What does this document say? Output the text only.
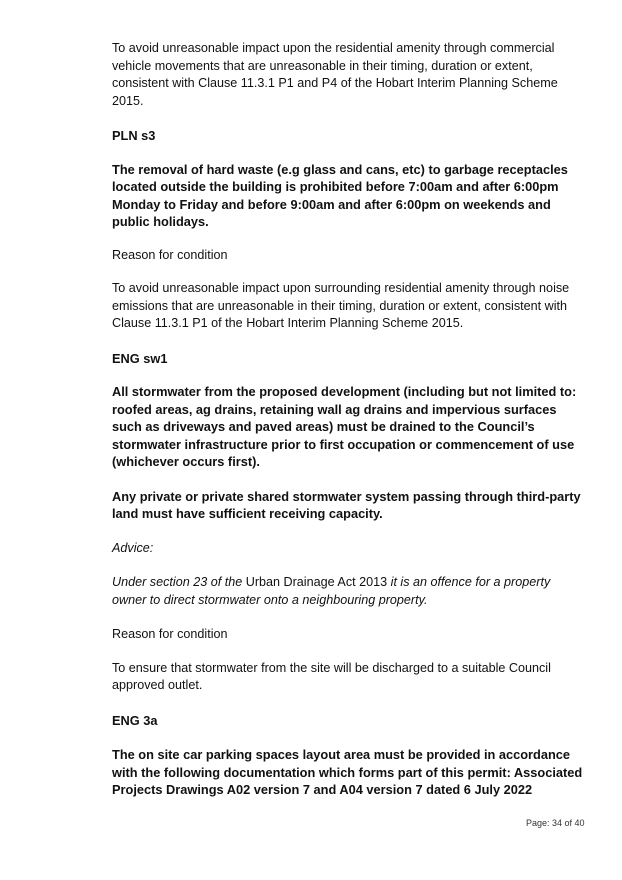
To avoid unreasonable impact upon the residential amenity through commercial vehicle movements that are unreasonable in their timing, duration or extent, consistent with Clause 11.3.1 P1 and P4 of the Hobart Interim Planning Scheme 2015.

PLN s3

The removal of hard waste (e.g glass and cans, etc) to garbage receptacles located outside the building is prohibited before 7:00am and after 6:00pm Monday to Friday and before 9:00am and after 6:00pm on weekends and public holidays.

Reason for condition

To avoid unreasonable impact upon surrounding residential amenity through noise emissions that are unreasonable in their timing, duration or extent, consistent with Clause 11.3.1 P1 of the Hobart Interim Planning Scheme 2015.

ENG sw1

All stormwater from the proposed development (including but not limited to: roofed areas, ag drains, retaining wall ag drains and impervious surfaces such as driveways and paved areas) must be drained to the Council’s stormwater infrastructure prior to first occupation or commencement of use (whichever occurs first).

Any private or private shared stormwater system passing through third-party land must have sufficient receiving capacity.

Advice:

Under section 23 of the Urban Drainage Act 2013 it is an offence for a property owner to direct stormwater onto a neighbouring property.

Reason for condition

To ensure that stormwater from the site will be discharged to a suitable Council approved outlet.

ENG 3a

The on site car parking spaces layout area must be provided in accordance with the following documentation which forms part of this permit: Associated Projects Drawings A02 version 7 and A04 version 7 dated 6 July 2022

Page: 34 of 40
